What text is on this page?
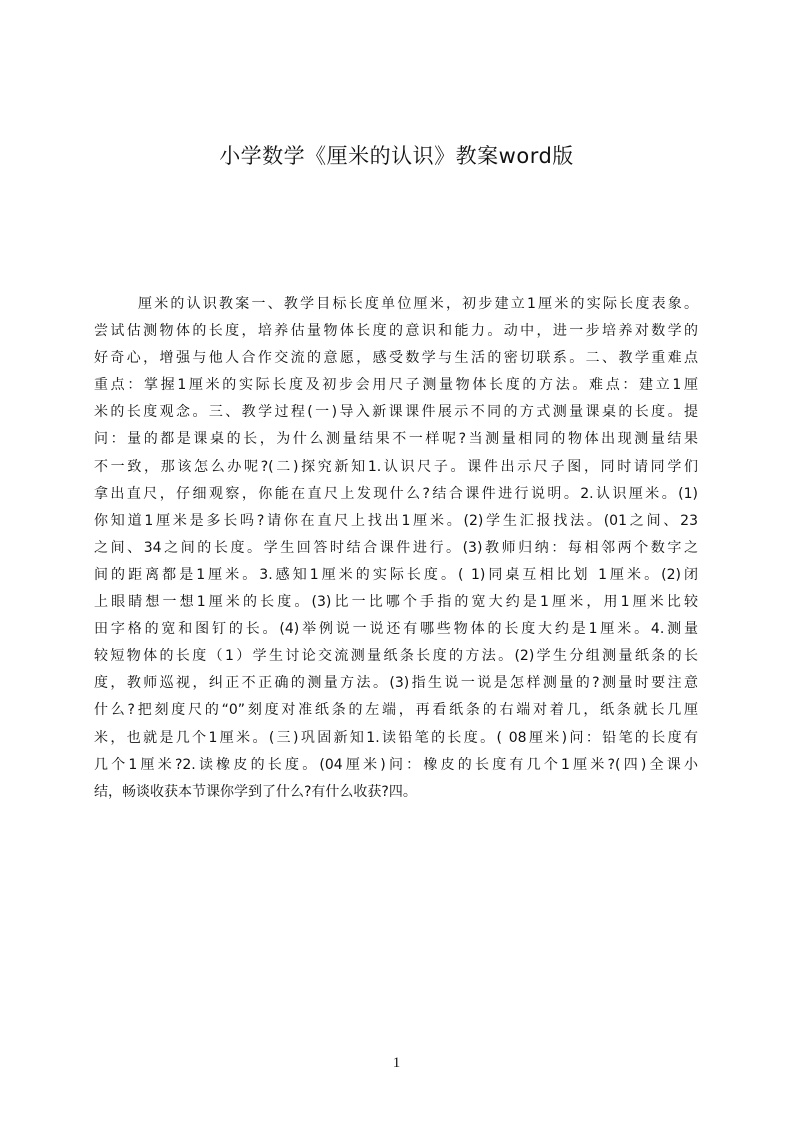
小学数学《厘米的认识》教案word版
厘米的认识教案一、教学目标长度单位厘米，初步建立1厘米的实际长度表象。
尝试估测物体的长度，培养估量物体长度的意识和能力。动中，进一步培养对数学的
好奇心，增强与他人合作交流的意愿，感受数学与生活的密切联系。二、教学重难点
重点：掌握1厘米的实际长度及初步会用尺子测量物体长度的方法。难点：建立1厘
米的长度观念。三、教学过程(一)导入新课课件展示不同的方式测量课桌的长度。提
问：量的都是课桌的长，为什么测量结果不一样呢?当测量相同的物体出现测量结果
不一致，那该怎么办呢?(二)探究新知1.认识尺子。课件出示尺子图，同时请同学们
拿出直尺，仔细观察，你能在直尺上发现什么?结合课件进行说明。2.认识厘米。(1)
你知道1厘米是多长吗?请你在直尺上找出1厘米。(2)学生汇报找法。(01之间、23
之间、34之间的长度。学生回答时结合课件进行。(3)教师归纳：每相邻两个数字之
间的距离都是1厘米。3.感知1厘米的实际长度。( 1)同桌互相比划 1厘米。(2)闭
上眼睛想一想1厘米的长度。(3)比一比哪个手指的宽大约是1厘米，用1厘米比较
田字格的宽和图钉的长。(4)举例说一说还有哪些物体的长度大约是1厘米。4.测量
较短物体的长度（1）学生讨论交流测量纸条长度的方法。(2)学生分组测量纸条的长
度，教师巡视，纠正不正确的测量方法。(3)指生说一说是怎样测量的?测量时要注意
什么?把刻度尺的“0”刻度对准纸条的左端，再看纸条的右端对着几，纸条就长几厘
米，也就是几个1厘米。(三)巩固新知1.读铅笔的长度。( 08厘米)问：铅笔的长度有
几个1厘米?2.读橡皮的长度。(04厘米)问：橡皮的长度有几个1厘米?(四)全课小
结，畅谈收获本节课你学到了什么?有什么收获?四。
1
